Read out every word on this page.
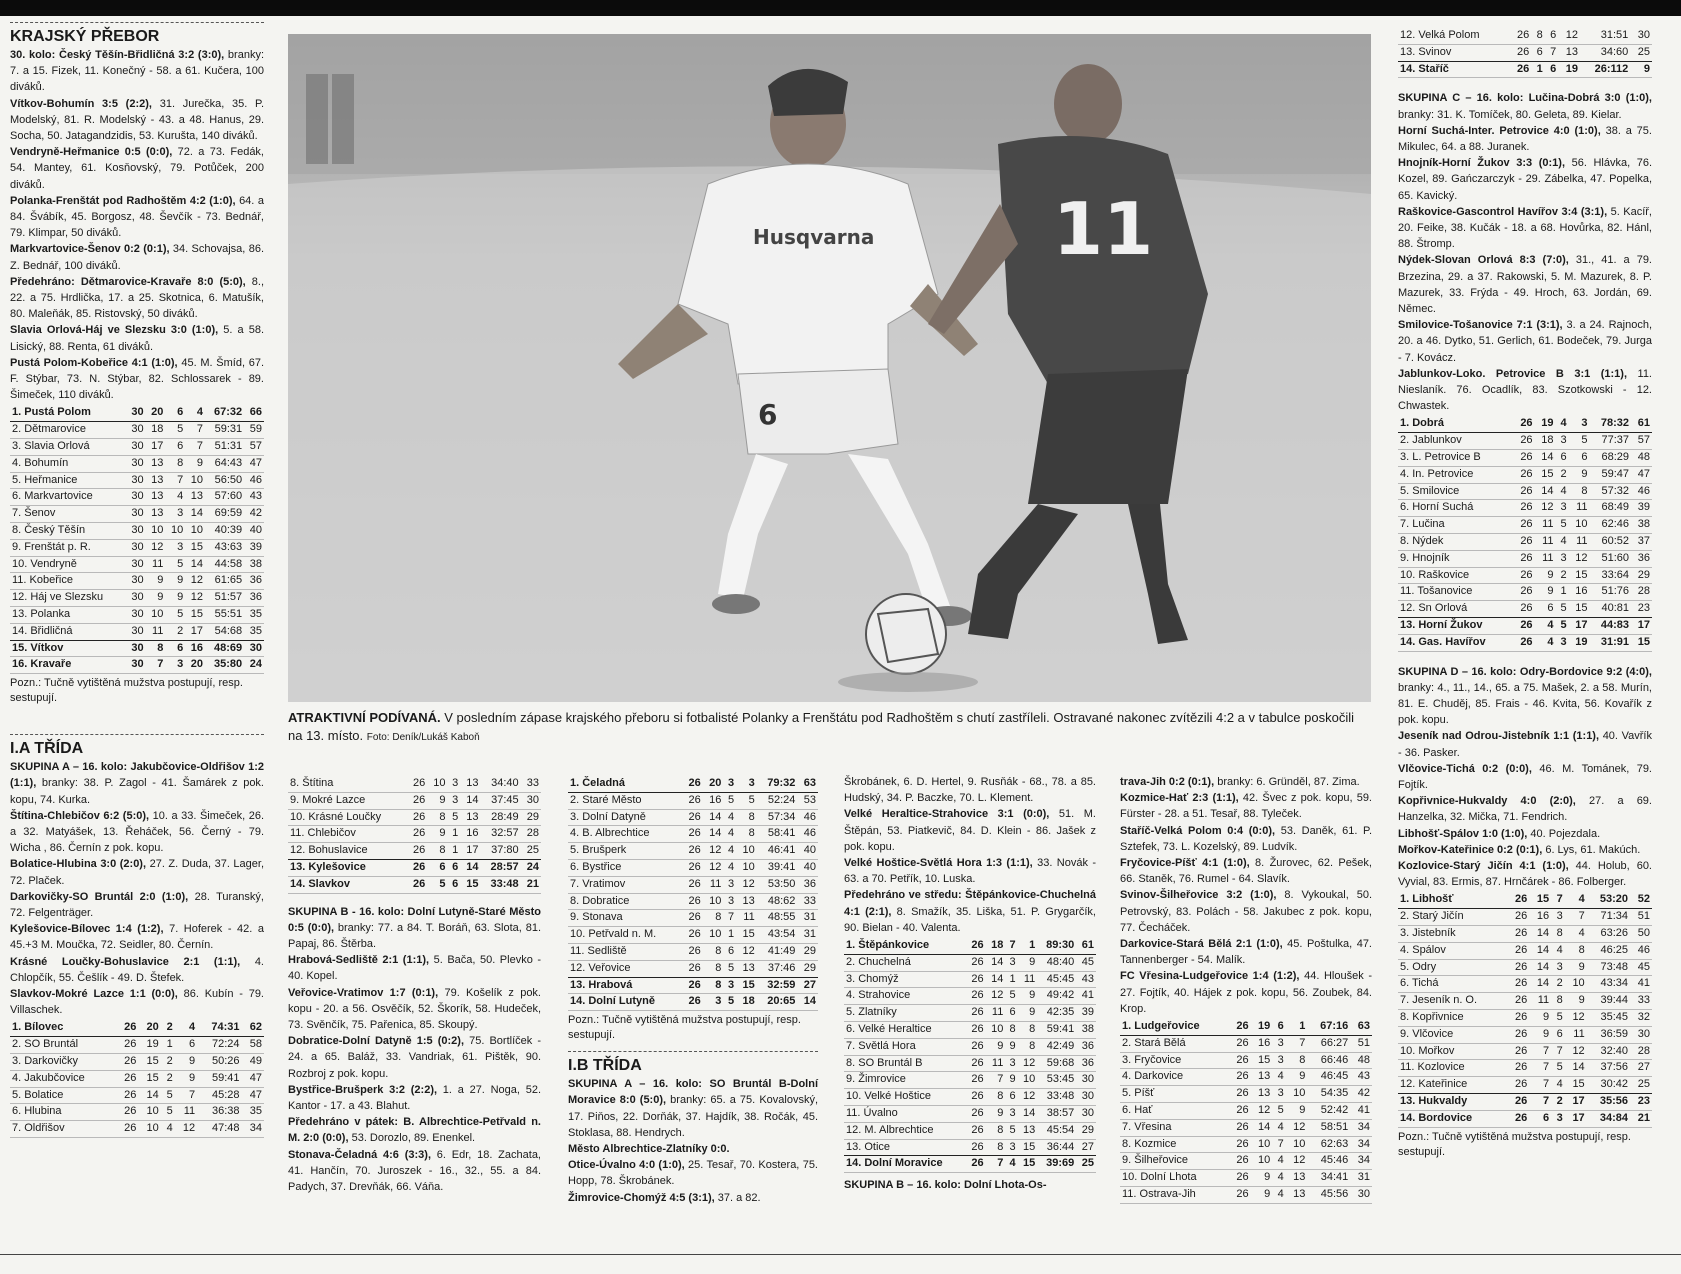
KRAJSKÝ PŘEBOR

30. kolo: Český Těšín-Břidličná 3:2 (3:0), branky: 7. a 15. Fizek, 11. Konečný - 58. a 61. Kučera, 100 diváků.

Vítkov-Bohumín 3:5 (2:2), 31. Jurečka, 35. P. Modelský, 81. R. Modelský - 43. a 48. Hanus, 29. Socha, 50. Jatagandzidis, 53. Kurušta, 140 diváků.

Vendryně-Heřmanice 0:5 (0:0), 72. a 73. Fedák, 54. Mantey, 61. Kosňovský, 79. Potůček, 200 diváků.

Polanka-Frenštát pod Radhoštěm 4:2 (1:0), 64. a 84. Švábík, 45. Borgosz, 48. Ševčík - 73. Bednář, 79. Klimpar, 50 diváků.

Markvartovice-Šenov 0:2 (0:1), 34. Schovajsa, 86. Z. Bednář, 100 diváků.

Předehráno: Dětmarovice-Kravaře 8:0 (5:0), 8., 22. a 75. Hrdlička, 17. a 25. Skotnica, 6. Matušík, 80. Maleňák, 85. Ristovský, 50 diváků.

Slavia Orlová-Háj ve Slezsku 3:0 (1:0), 5. a 58. Lisický, 88. Renta, 61 diváků.

Pustá Polom-Kobeřice 4:1 (1:0), 45. M. Šmíd, 67. F. Stýbar, 73. N. Stýbar, 82. Schlossarek - 89. Šimeček, 110 diváků.

1. Pustá Polom	30	20	6	4	67:32	66
2. Dětmarovice	30	18	5	7	59:31	59
3. Slavia Orlová	30	17	6	7	51:31	57
4. Bohumín	30	13	8	9	64:43	47
5. Heřmanice	30	13	7	10	56:50	46
6. Markvartovice	30	13	4	13	57:60	43
7. Šenov	30	13	3	14	69:59	42
8. Český Těšín	30	10	10	10	40:39	40
9. Frenštát p. R.	30	12	3	15	43:63	39
10. Vendryně	30	11	5	14	44:58	38
11. Kobeřice	30	9	9	12	61:65	36
12. Háj ve Slezsku	30	9	9	12	51:57	36
13. Polanka	30	10	5	15	55:51	35
14. Břidličná	30	11	2	17	54:68	35
15. Vítkov	30	8	6	16	48:69	30
16. Kravaře	30	7	3	20	35:80	24
Pozn.: Tučně vytištěná mužstva postupují, resp. sestupují.
I.A TŘÍDA

SKUPINA A – 16. kolo: Jakubčovice-Oldřišov 1:2 (1:1), branky: 38. P. Zagol - 41. Šamárek z pok. kopu, 74. Kurka.

Štítina-Chlebičov 6:2 (5:0), 10. a 33. Šimeček, 26. a 32. Matyášek, 13. Řeháček, 56. Černý - 79. Wicha , 86. Černín z pok. kopu.

Bolatice-Hlubina 3:0 (2:0), 27. Z. Duda, 37. Lager, 72. Plaček.

Darkovičky-SO Bruntál 2:0 (1:0), 28. Turanský, 72. Felgenträger.

Kylešovice-Bílovec 1:4 (1:2), 7. Hoferek - 42. a 45.+3 M. Moučka, 72. Seidler, 80. Černín.

Krásné Loučky-Bohuslavice 2:1 (1:1), 4. Chlopčík, 55. Češlík - 49. D. Štefek.

Slavkov-Mokré Lazce 1:1 (0:0), 86. Kubín - 79. Villaschek.

1. Bílovec	26	20	2	4	74:31	62
2. SO Bruntál	26	19	1	6	72:24	58
3. Darkovičky	26	15	2	9	50:26	49
4. Jakubčovice	26	15	2	9	59:41	47
5. Bolatice	26	14	5	7	45:28	47
6. Hlubina	26	10	5	11	36:38	35
7. Oldřišov	26	10	4	12	47:48	34
6
Husqvarna 11
ATRAKTIVNÍ PODÍVANÁ. V posledním zápase krajského přeboru si fotbalisté Polanky a Frenštátu pod Radhoštěm s chutí zastříleli. Ostravané nakonec zvítězili 4:2 a v tabulce poskočili na 13. místo. Foto: Deník/Lukáš Kaboň
8. Štítina	26	10	3	13	34:40	33
9. Mokré Lazce	26	9	3	14	37:45	30
10. Krásné Loučky	26	8	5	13	28:49	29
11. Chlebičov	26	9	1	16	32:57	28
12. Bohuslavice	26	8	1	17	37:80	25
13. Kylešovice	26	6	6	14	28:57	24
14. Slavkov	26	5	6	15	33:48	21

SKUPINA B - 16. kolo: Dolní Lutyně-Staré Město 0:5 (0:0), branky: 77. a 84. T. Boráň, 63. Slota, 81. Papaj, 86. Štěrba.

Hrabová-Sedliště 2:1 (1:1), 5. Bača, 50. Plevko - 40. Kopel.

Veřovice-Vratimov 1:7 (0:1), 79. Košelík z pok. kopu - 20. a 56. Osvěčík, 52. Škorík, 58. Hudeček, 73. Svěnčík, 75. Pařenica, 85. Skoupý.

Dobratice-Dolní Datyně 1:5 (0:2), 75. Bortlíček - 24. a 65. Baláž, 33. Vandriak, 61. Pištěk, 90. Rozbroj z pok. kopu.

Bystřice-Brušperk 3:2 (2:2), 1. a 27. Noga, 52. Kantor - 17. a 43. Blahut.

Předehráno v pátek: B. Albrechtice-Petřvald n. M. 2:0 (0:0), 53. Dorozlo, 89. Enenkel.

Stonava-Čeladná 4:6 (3:3), 6. Edr, 18. Zachata, 41. Hančín, 70. Juroszek - 16., 32., 55. a 84. Padych, 37. Drevňák, 66. Váňa.

1. Čeladná	26	20	3	3	79:32	63
2. Staré Město	26	16	5	5	52:24	53
3. Dolní Datyně	26	14	4	8	57:34	46
4. B. Albrechtice	26	14	4	8	58:41	46
5. Brušperk	26	12	4	10	46:41	40
6. Bystřice	26	12	4	10	39:41	40
7. Vratimov	26	11	3	12	53:50	36
8. Dobratice	26	10	3	13	48:62	33
9. Stonava	26	8	7	11	48:55	31
10. Petřvald n. M.	26	10	1	15	43:54	31
11. Sedliště	26	8	6	12	41:49	29
12. Veřovice	26	8	5	13	37:46	29
13. Hrabová	26	8	3	15	32:59	27
14. Dolní Lutyně	26	3	5	18	20:65	14
Pozn.: Tučně vytištěná mužstva postupují, resp. sestupují.
I.B TŘÍDA

SKUPINA A – 16. kolo: SO Bruntál B-Dolní Moravice 8:0 (5:0), branky: 65. a 75. Kovalovský, 17. Piňos, 22. Dorňák, 37. Hajdík, 38. Ročák, 45. Stoklasa, 88. Hendrych.

Město Albrechtice-Zlatníky 0:0.

Otice-Úvalno 4:0 (1:0), 25. Tesař, 70. Kostera, 75. Hopp, 78. Škrobánek.

Žimrovice-Chomýž 4:5 (3:1), 37. a 82.

Škrobánek, 6. D. Hertel, 9. Rusňák - 68., 78. a 85. Hudský, 34. P. Baczke, 70. L. Klement.

Velké Heraltice-Strahovice 3:1 (0:0), 51. M. Štěpán, 53. Piatkevič, 84. D. Klein - 86. Jašek z pok. kopu.

Velké Hoštice-Světlá Hora 1:3 (1:1), 33. Novák - 63. a 70. Petřík, 10. Luska.

Předehráno ve středu: Štěpánkovice-Chuchelná 4:1 (2:1), 8. Smažík, 35. Liška, 51. P. Grygarčík, 90. Bielan - 40. Valenta.

1. Štěpánkovice	26	18	7	1	89:30	61
2. Chuchelná	26	14	3	9	48:40	45
3. Chomýž	26	14	1	11	45:45	43
4. Strahovice	26	12	5	9	49:42	41
5. Zlatníky	26	11	6	9	42:35	39
6. Velké Heraltice	26	10	8	8	59:41	38
7. Světlá Hora	26	9	9	8	42:49	36
8. SO Bruntál B	26	11	3	12	59:68	36
9. Žimrovice	26	7	9	10	53:45	30
10. Velké Hoštice	26	8	6	12	33:48	30
11. Úvalno	26	9	3	14	38:57	30
12. M. Albrechtice	26	8	5	13	45:54	29
13. Otice	26	8	3	15	36:44	27
14. Dolní Moravice	26	7	4	15	39:69	25
SKUPINA B – 16. kolo: Dolní Lhota-Os-

trava-Jih 0:2 (0:1), branky: 6. Gründěl, 87. Zima.

Kozmice-Hať 2:3 (1:1), 42. Švec z pok. kopu, 59. Fürster - 28. a 51. Tesař, 88. Tyleček.

Staříč-Velká Polom 0:4 (0:0), 53. Daněk, 61. P. Sztefek, 73. L. Kozelský, 89. Ludvík.

Fryčovice-Píšť 4:1 (1:0), 8. Žurovec, 62. Pešek, 66. Staněk, 76. Rumel - 64. Slavík.

Svinov-Šilheřovice 3:2 (1:0), 8. Vykoukal, 50. Petrovský, 83. Polách - 58. Jakubec z pok. kopu, 77. Čecháček.

Darkovice-Stará Bělá 2:1 (1:0), 45. Poštulka, 47. Tannenberger - 54. Malík.

FC Vřesina-Ludgeřovice 1:4 (1:2), 44. Hloušek - 27. Fojtík, 40. Hájek z pok. kopu, 56. Zoubek, 84. Krop.

1. Ludgeřovice	26	19	6	1	67:16	63
2. Stará Bělá	26	16	3	7	66:27	51
3. Fryčovice	26	15	3	8	66:46	48
4. Darkovice	26	13	4	9	46:45	43
5. Píšť	26	13	3	10	54:35	42
6. Hať	26	12	5	9	52:42	41
7. Vřesina	26	14	4	12	58:51	34
8. Kozmice	26	10	7	10	62:63	34
9. Šilheřovice	26	10	4	12	45:46	34
10. Dolní Lhota	26	9	4	13	34:41	31
11. Ostrava-Jih	26	9	4	13	45:56	30
12. Velká Polom	26	8	6	12	31:51	30
13. Svinov	26	6	7	13	34:60	25
14. Staříč	26	1	6	19	26:112	9

SKUPINA C – 16. kolo: Lučina-Dobrá 3:0 (1:0), branky: 31. K. Tomíček, 80. Geleta, 89. Kielar.

Horní Suchá-Inter. Petrovice 4:0 (1:0), 38. a 75. Mikulec, 64. a 88. Juranek.

Hnojník-Horní Žukov 3:3 (0:1), 56. Hlávka, 76. Kozel, 89. Gańczarczyk - 29. Zábelka, 47. Popelka, 65. Kavický.

Raškovice-Gascontrol Havířov 3:4 (3:1), 5. Kacíř, 20. Feike, 38. Kučák - 18. a 68. Hovůrka, 82. Hánl, 88. Štromp.

Nýdek-Slovan Orlová 8:3 (7:0), 31., 41. a 79. Brzezina, 29. a 37. Rakowski, 5. M. Mazurek, 8. P. Mazurek, 33. Frýda - 49. Hroch, 63. Jordán, 69. Němec.

Smilovice-Tošanovice 7:1 (3:1), 3. a 24. Rajnoch, 20. a 46. Dytko, 51. Gerlich, 61. Bodeček, 79. Jurga - 7. Kovácz.

Jablunkov-Loko. Petrovice B 3:1 (1:1), 11. Nieslaník. 76. Ocadlík, 83. Szotkowski - 12. Chwastek.

1. Dobrá	26	19	4	3	78:32	61
2. Jablunkov	26	18	3	5	77:37	57
3. L. Petrovice B	26	14	6	6	68:29	48
4. In. Petrovice	26	15	2	9	59:47	47
5. Smilovice	26	14	4	8	57:32	46
6. Horní Suchá	26	12	3	11	68:49	39
7. Lučina	26	11	5	10	62:46	38
8. Nýdek	26	11	4	11	60:52	37
9. Hnojník	26	11	3	12	51:60	36
10. Raškovice	26	9	2	15	33:64	29
11. Tošanovice	26	9	1	16	51:76	28
12. Sn Orlová	26	6	5	15	40:81	23
13. Horní Žukov	26	4	5	17	44:83	17
14. Gas. Havířov	26	4	3	19	31:91	15

SKUPINA D – 16. kolo: Odry-Bordovice 9:2 (4:0), branky: 4., 11., 14., 65. a 75. Mašek, 2. a 58. Murín, 81. E. Chuděj, 85. Frais - 46. Kvita, 56. Kovařík z pok. kopu.

Jeseník nad Odrou-Jistebník 1:1 (1:1), 40. Vavřík - 36. Pasker.

Vlčovice-Tichá 0:2 (0:0), 46. M. Tománek, 79. Fojtík.

Kopřivnice-Hukvaldy 4:0 (2:0), 27. a 69. Hanzelka, 32. Mička, 71. Fendrich.

Libhošť-Spálov 1:0 (1:0), 40. Pojezdala.

Mořkov-Kateřinice 0:2 (0:1), 6. Lys, 61. Makúch.

Kozlovice-Starý Jičín 4:1 (1:0), 44. Holub, 60. Vyvial, 83. Ermis, 87. Hrnčárek - 86. Folberger.

1. Libhošť	26	15	7	4	53:20	52
2. Starý Jičín	26	16	3	7	71:34	51
3. Jistebník	26	14	8	4	63:26	50
4. Spálov	26	14	4	8	46:25	46
5. Odry	26	14	3	9	73:48	45
6. Tichá	26	14	2	10	43:34	41
7. Jeseník n. O.	26	11	8	9	39:44	33
8. Kopřivnice	26	9	5	12	35:45	32
9. Vlčovice	26	9	6	11	36:59	30
10. Mořkov	26	7	7	12	32:40	28
11. Kozlovice	26	7	5	14	37:56	27
12. Kateřinice	26	7	4	15	30:42	25
13. Hukvaldy	26	7	2	17	35:56	23
14. Bordovice	26	6	3	17	34:84	21
Pozn.: Tučně vytištěná mužstva postupují, resp. sestupují.
